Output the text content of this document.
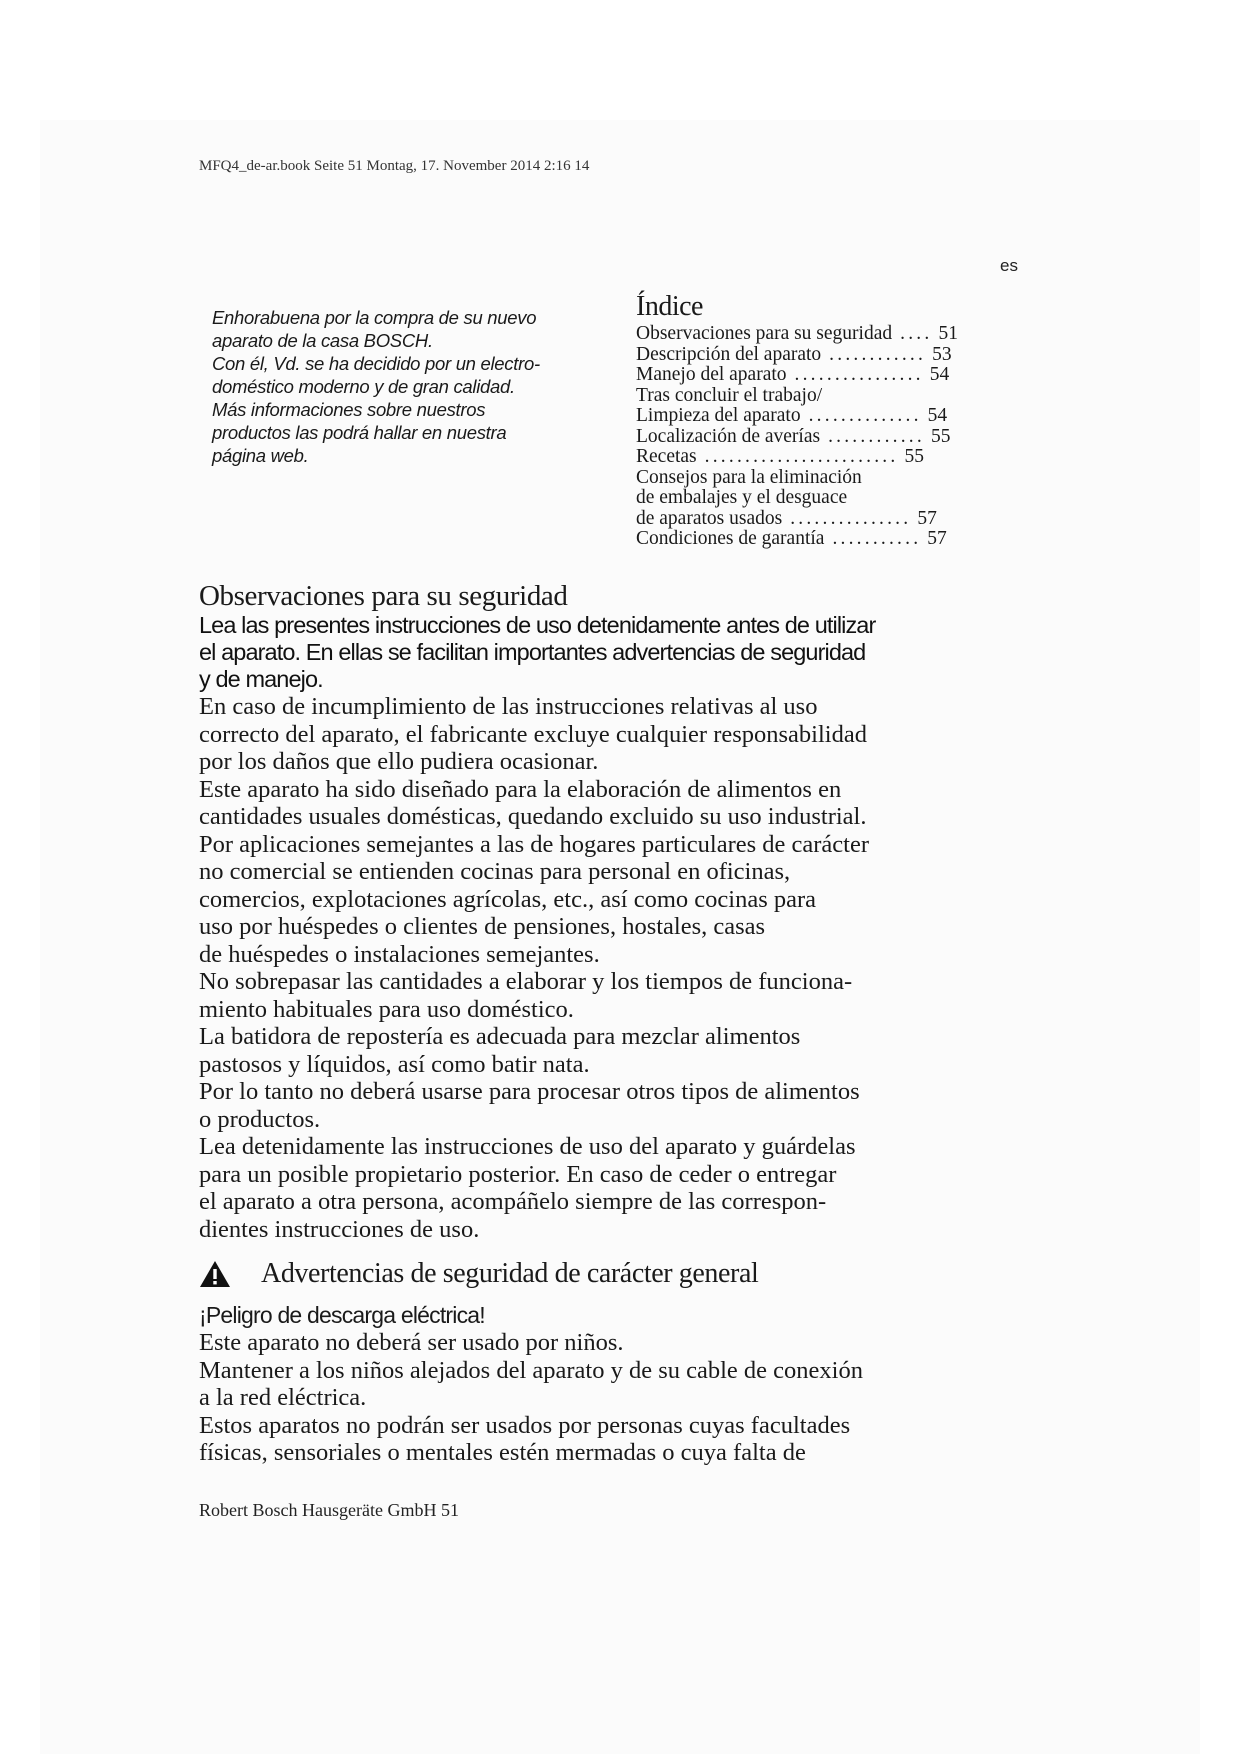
MFQ4_de-ar.book Seite 51 Montag, 17. November 2014 2:16 14
es
Enhorabuena por la compra de su nuevo
aparato de la casa BOSCH.
Con él, Vd. se ha decidido por un electro-
doméstico moderno y de gran calidad.
Más informaciones sobre nuestros
productos las podrá hallar en nuestra
página web.
Índice
Observaciones para su seguridad .... 51
Descripción del aparato ............ 53
Manejo del aparato ................ 54
Tras concluir el trabajo/
Limpieza del aparato .............. 54
Localización de averías ............ 55
Recetas ........................ 55
Consejos para la eliminación
de embalajes y el desguace
de aparatos usados ............... 57
Condiciones de garantía ........... 57
Observaciones para su seguridad
Lea las presentes instrucciones de uso detenidamente antes de utilizar
el aparato. En ellas se facilitan importantes advertencias de seguridad
y de manejo.
En caso de incumplimiento de las instrucciones relativas al uso
correcto del aparato, el fabricante excluye cualquier responsabilidad
por los daños que ello pudiera ocasionar.
Este aparato ha sido diseñado para la elaboración de alimentos en
cantidades usuales domésticas, quedando excluido su uso industrial.
Por aplicaciones semejantes a las de hogares particulares de carácter
no comercial se entienden cocinas para personal en oficinas,
comercios, explotaciones agrícolas, etc., así como cocinas para
uso por huéspedes o clientes de pensiones, hostales, casas
de huéspedes o instalaciones semejantes.
No sobrepasar las cantidades a elaborar y los tiempos de funciona-
miento habituales para uso doméstico.
La batidora de repostería es adecuada para mezclar alimentos
pastosos y líquidos, así como batir nata.
Por lo tanto no deberá usarse para procesar otros tipos de alimentos
o productos.
Lea detenidamente las instrucciones de uso del aparato y guárdelas
para un posible propietario posterior. En caso de ceder o entregar
el aparato a otra persona, acompáñelo siempre de las correspon-
dientes instrucciones de uso.
Advertencias de seguridad de carácter general
¡Peligro de descarga eléctrica!
Este aparato no deberá ser usado por niños.
Mantener a los niños alejados del aparato y de su cable de conexión
a la red eléctrica.
Estos aparatos no podrán ser usados por personas cuyas facultades
físicas, sensoriales o mentales estén mermadas o cuya falta de
Robert Bosch Hausgeräte GmbH 51
